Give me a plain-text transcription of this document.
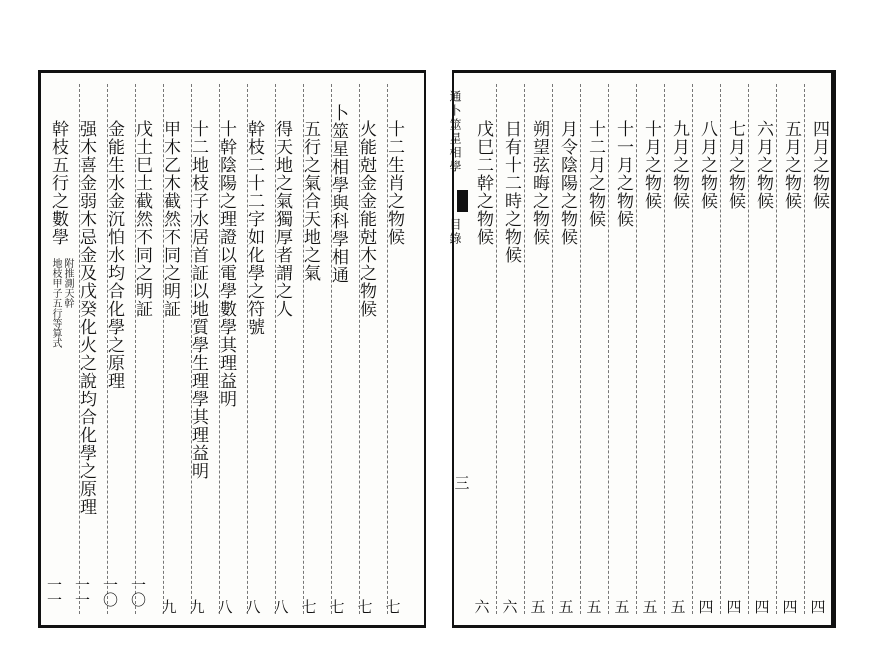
通卜筮星相學
目錄
三
四月之物候
五月之物候
六月之物候
七月之物候
八月之物候
九月之物候
十月之物候
十一月之物候
十二月之物候
月令陰陽之物候
朔望弦晦之物候
日有十二時之物候
戊巳二幹之物候
四
四
四
四
四
五
五
五
五
五
五
六
六
十二生肖之物候
火能尅金金能尅木之物候
卜筮星相學與科學相通
五行之氣合天地之氣
得天地之氣獨厚者謂之人
幹枝二十二字如化學之符號
十幹陰陽之理證以電學數學其理益明
十二地枝子水居首証以地質學生理學其理益明
甲木乙木截然不同之明証
戊土巳土截然不同之明証
金能生水金沉怕水均合化學之原理
强木喜金弱木忌金及戊癸化火之說均合化學之原理
幹枝五行之數學
附推測天幹
地枝甲子五行等算式
七
七
七
七
八
八
八
九
九
一〇
一〇
一一
一一
